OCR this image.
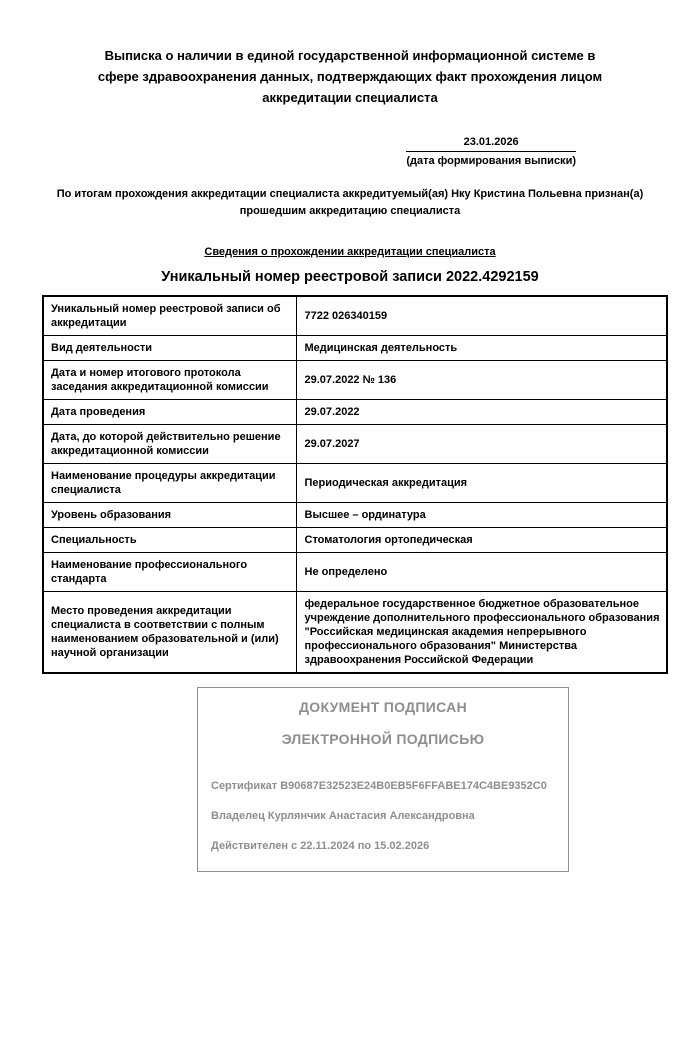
Выписка о наличии в единой государственной информационной системе в сфере здравоохранения данных, подтверждающих факт прохождения лицом аккредитации специалиста
23.01.2026
(дата формирования выписки)
По итогам прохождения аккредитации специалиста аккредитуемый(ая) Нку Кристина Польевна признан(а) прошедшим аккредитацию специалиста
Сведения о прохождении аккредитации специалиста
Уникальный номер реестровой записи 2022.4292159
Уникальный номер реестровой записи об аккредитации	7722 026340159
Вид деятельности	Медицинская деятельность
Дата и номер итогового протокола заседания аккредитационной комиссии	29.07.2022 № 136
Дата проведения	29.07.2022
Дата, до которой действительно решение аккредитационной комиссии	29.07.2027
Наименование процедуры аккредитации специалиста	Периодическая аккредитация
Уровень образования	Высшее – ординатура
Специальность	Стоматология ортопедическая
Наименование профессионального стандарта	Не определено
Место проведения аккредитации специалиста в соответствии с полным наименованием образовательной и (или) научной организации	федеральное государственное бюджетное образовательное учреждение дополнительного профессионального образования "Российская медицинская академия непрерывного профессионального образования" Министерства здравоохранения Российской Федерации
ДОКУМЕНТ ПОДПИСАН
ЭЛЕКТРОННОЙ ПОДПИСЬЮ
Сертификат B90687E32523E24B0EB5F6FFABE174C4BE9352C0
Владелец Курлянчик Анастасия Александровна
Действителен с 22.11.2024 по 15.02.2026
